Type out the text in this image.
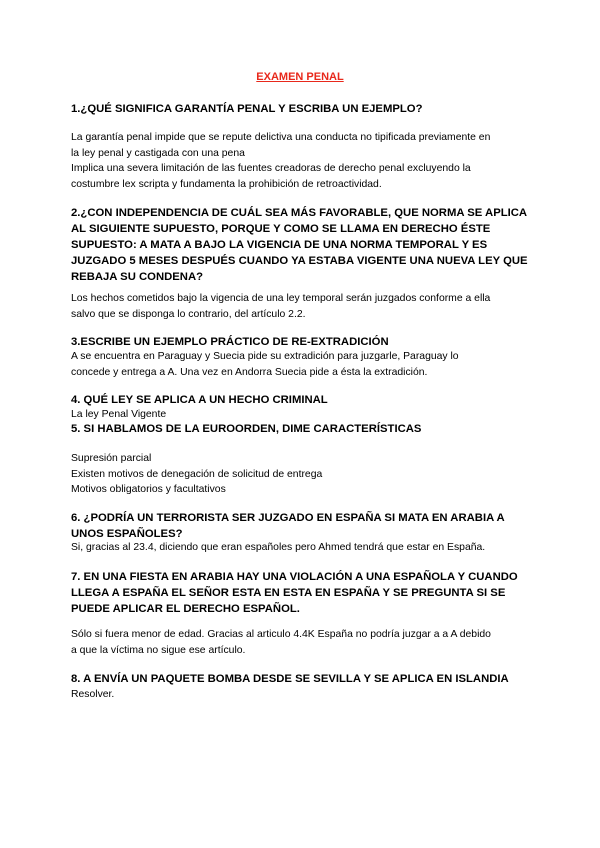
EXAMEN PENAL

1.¿QUÉ SIGNIFICA GARANTÍA PENAL Y ESCRIBA UN EJEMPLO?

La garantía penal impide que se repute delictiva una conducta no tipificada previamente en

la ley penal y castigada con una pena

Implica una severa limitación de las fuentes creadoras de derecho penal excluyendo la

costumbre lex scripta y fundamenta la prohibición de retroactividad.

2.¿CON INDEPENDENCIA DE CUÁL SEA MÁS FAVORABLE, QUE NORMA SE APLICA

AL SIGUIENTE SUPUESTO, PORQUE Y COMO SE LLAMA EN DERECHO ÉSTE

SUPUESTO: A MATA A BAJO LA VIGENCIA DE UNA NORMA TEMPORAL Y ES

JUZGADO 5 MESES DESPUÉS CUANDO YA ESTABA VIGENTE UNA NUEVA LEY QUE

REBAJA SU CONDENA?

Los hechos cometidos bajo la vigencia de una ley temporal serán juzgados conforme a ella

salvo que se disponga lo contrario, del artículo 2.2.

3.ESCRIBE UN EJEMPLO PRÁCTICO DE RE-EXTRADICIÓN

A se encuentra en Paraguay y Suecia pide su extradición para juzgarle, Paraguay lo

concede y entrega a A. Una vez en Andorra Suecia pide a ésta la extradición.

4. QUÉ LEY SE APLICA A UN HECHO CRIMINAL

La ley Penal Vigente

5. SI HABLAMOS DE LA EUROORDEN, DIME CARACTERÍSTICAS

Supresión parcial

Existen motivos de denegación de solicitud de entrega

Motivos obligatorios y facultativos

6. ¿PODRÍA UN TERRORISTA SER JUZGADO EN ESPAÑA SI MATA EN ARABIA A

UNOS ESPAÑOLES?

Si, gracias al 23.4, diciendo que eran españoles pero Ahmed tendrá que estar en España.

7. EN UNA FIESTA EN ARABIA HAY UNA VIOLACIÓN A UNA ESPAÑOLA Y CUANDO

LLEGA A ESPAÑA EL SEÑOR ESTA EN ESTA EN ESPAÑA Y SE PREGUNTA SI SE

PUEDE APLICAR EL DERECHO ESPAÑOL.

Sólo si fuera menor de edad. Gracias al articulo 4.4K España no podría juzgar a a A debido

a que la víctima no sigue ese artículo.

8. A ENVÍA UN PAQUETE BOMBA DESDE SE SEVILLA Y SE APLICA EN ISLANDIA

Resolver.
